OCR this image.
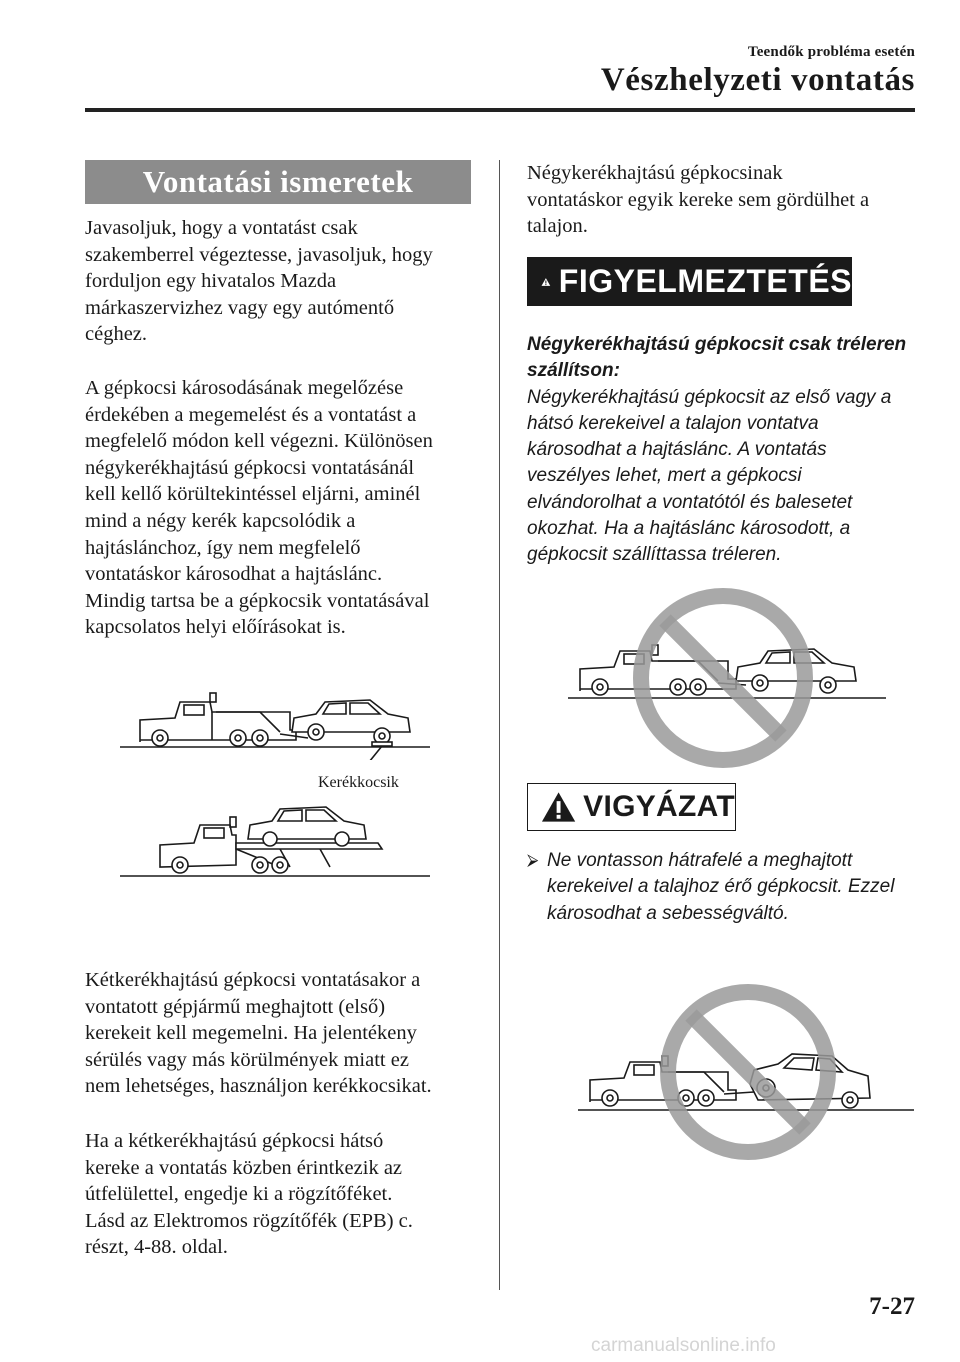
Teendők probléma esetén
Vészhelyzeti vontatás
Vontatási ismeretek

Javasoljuk, hogy a vontatást csak
szakemberrel végeztesse, javasoljuk, hogy
forduljon egy hivatalos Mazda
márkaszervizhez vagy egy autómentő
céghez.

A gépkocsi károsodásának megelőzése
érdekében a megemelést és a vontatást a
megfelelő módon kell végezni. Különösen
négykerékhajtású gépkocsi vontatásánál
kell kellő körültekintéssel eljárni, aminél
mind a négy kerék kapcsolódik a
hajtáslánchoz, így nem megfelelő
vontatáskor károsodhat a hajtáslánc.
Mindig tartsa be a gépkocsik vontatásával
kapcsolatos helyi előírásokat is.

Kerékkocsik

Kétkerékhajtású gépkocsi vontatásakor a
vontatott gépjármű meghajtott (első)
kerekeit kell megemelni. Ha jelentékeny
sérülés vagy más körülmények miatt ez
nem lehetséges, használjon kerékkocsikat.

Ha a kétkerékhajtású gépkocsi hátsó
kereke a vontatás közben érintkezik az
útfelülettel, engedje ki a rögzítőféket.
Lásd az Elektromos rögzítőfék (EPB) c.
részt, 4-88. oldal.

Négykerékhajtású gépkocsinak
vontatáskor egyik kereke sem gördülhet a
talajon.

FIGYELMEZTETÉS
Négykerékhajtású gépkocsit csak tréleren
szállítson:
Négykerékhajtású gépkocsit az első vagy a
hátsó kerekeivel a talajon vontatva
károsodhat a hajtáslánc. A vontatás
veszélyes lehet, mert a gépkocsi
elvándorolhat a vontatótól és balesetet
okozhat. Ha a hajtáslánc károsodott, a
gépkocsit szállíttassa tréleren.
VIGYÁZAT
⮚ Ne vontasson hátrafelé a meghajtott
kerekeivel a talajhoz érő gépkocsit. Ezzel
károsodhat a sebességváltó.
7-27
carmanualsonline.info
